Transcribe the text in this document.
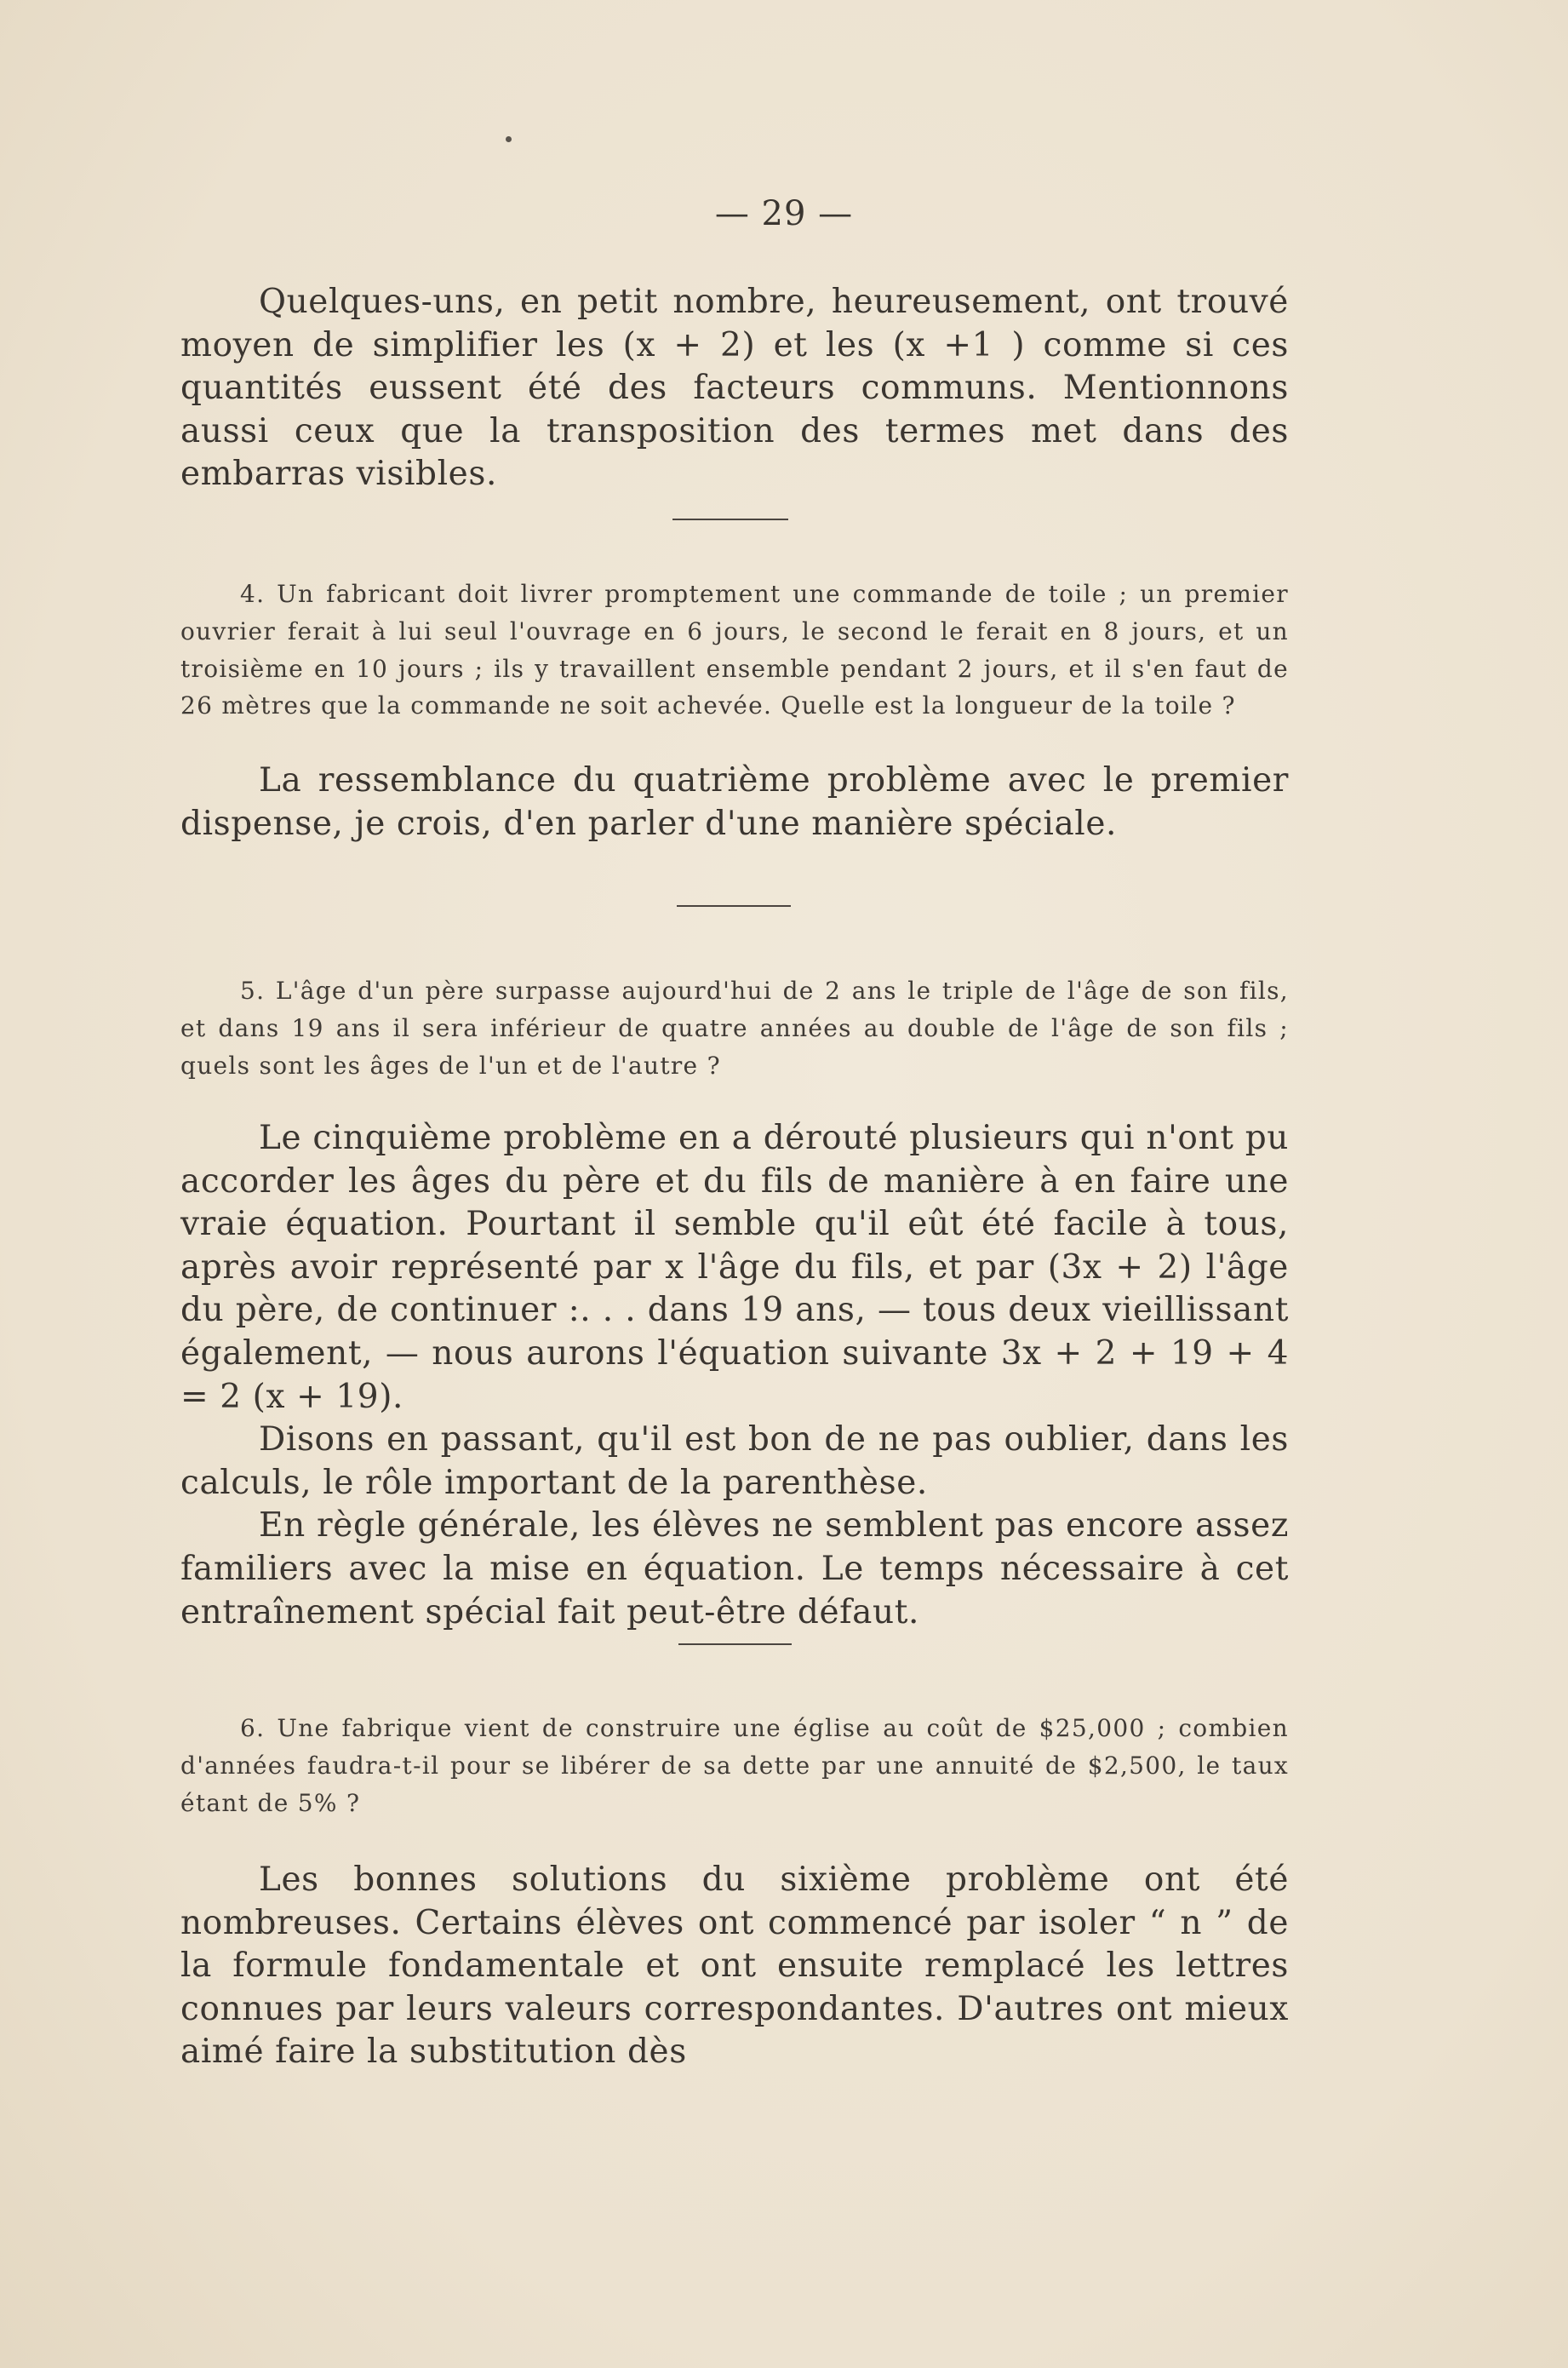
— 29 —

Quelques-uns, en petit nombre, heureusement, ont trouvé moyen de simplifier les (x + 2) et les (x +1 ) comme si ces quantités eussent été des facteurs communs. Mentionnons aussi ceux que la transposition des termes met dans des embarras visibles.

4. Un fabricant doit livrer promptement une commande de toile ; un premier ouvrier ferait à lui seul l'ouvrage en 6 jours, le second le ferait en 8 jours, et un troisième en 10 jours ; ils y travaillent ensemble pendant 2 jours, et il s'en faut de 26 mètres que la commande ne soit achevée. Quelle est la longueur de la toile ?

La ressemblance du quatrième problème avec le premier dispense, je crois, d'en parler d'une manière spéciale.

5. L'âge d'un père surpasse aujourd'hui de 2 ans le triple de l'âge de son fils, et dans 19 ans il sera inférieur de quatre années au double de l'âge de son fils ; quels sont les âges de l'un et de l'autre ?

Le cinquième problème en a dérouté plusieurs qui n'ont pu accorder les âges du père et du fils de manière à en faire une vraie équation. Pourtant il semble qu'il eût été facile à tous, après avoir représenté par x l'âge du fils, et par (3x + 2) l'âge du père, de continuer :. . . dans 19 ans, — tous deux vieillissant également, — nous aurons l'équation suivante 3x + 2 + 19 + 4 = 2 (x + 19).

Disons en passant, qu'il est bon de ne pas oublier, dans les calculs, le rôle important de la parenthèse.

En règle générale, les élèves ne semblent pas encore assez familiers avec la mise en équation. Le temps nécessaire à cet entraînement spécial fait peut-être défaut.

6. Une fabrique vient de construire une église au coût de $25,000 ; combien d'années faudra-t-il pour se libérer de sa dette par une annuité de $2,500, le taux étant de 5% ?

Les bonnes solutions du sixième problème ont été nombreuses. Certains élèves ont commencé par isoler “ n ” de la formule fondamentale et ont ensuite remplacé les lettres connues par leurs valeurs correspondantes. D'autres ont mieux aimé faire la substitution dès
